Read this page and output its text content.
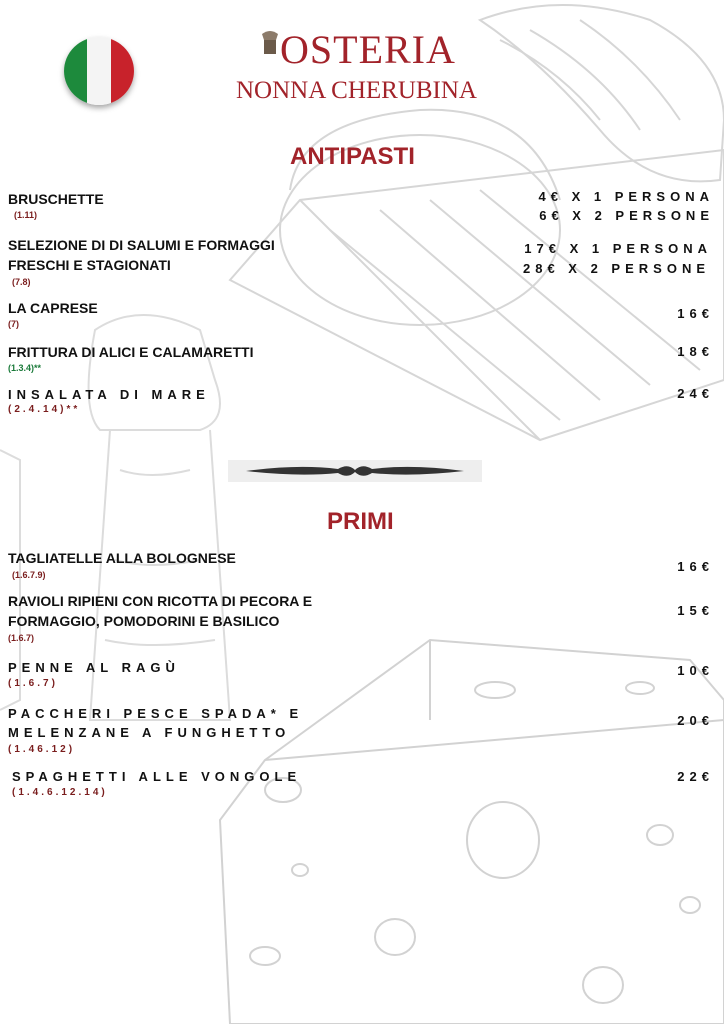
OSTERIA
NONNA CHERUBINA
ANTIPASTI
BRUSCHETTE
(1.11)
4€ X 1 PERSONA
6€ X 2 PERSONE
SELEZIONE DI DI SALUMI E FORMAGGI
FRESCHI E STAGIONATI
(7.8)
17€ X 1 PERSONA
28€ X 2 PERSONE
LA CAPRESE
(7)
16€
FRITTURA DI ALICI E CALAMARETTI
(1.3.4)**
18€
INSALATA DI MARE
(2.4.14)**
24€
PRIMI
TAGLIATELLE ALLA BOLOGNESE
(1.6.7.9)
16€
RAVIOLI RIPIENI CON RICOTTA DI PECORA E
FORMAGGIO, POMODORINI E BASILICO
(1.6.7)
15€
PENNE AL RAGÙ
(1.6.7)
10€
PACCHERI PESCE SPADA* E
MELENZANE A FUNGHETTO
(1.46.12)
20€
SPAGHETTI ALLE VONGOLE
(1.4.6.12.14)
22€
